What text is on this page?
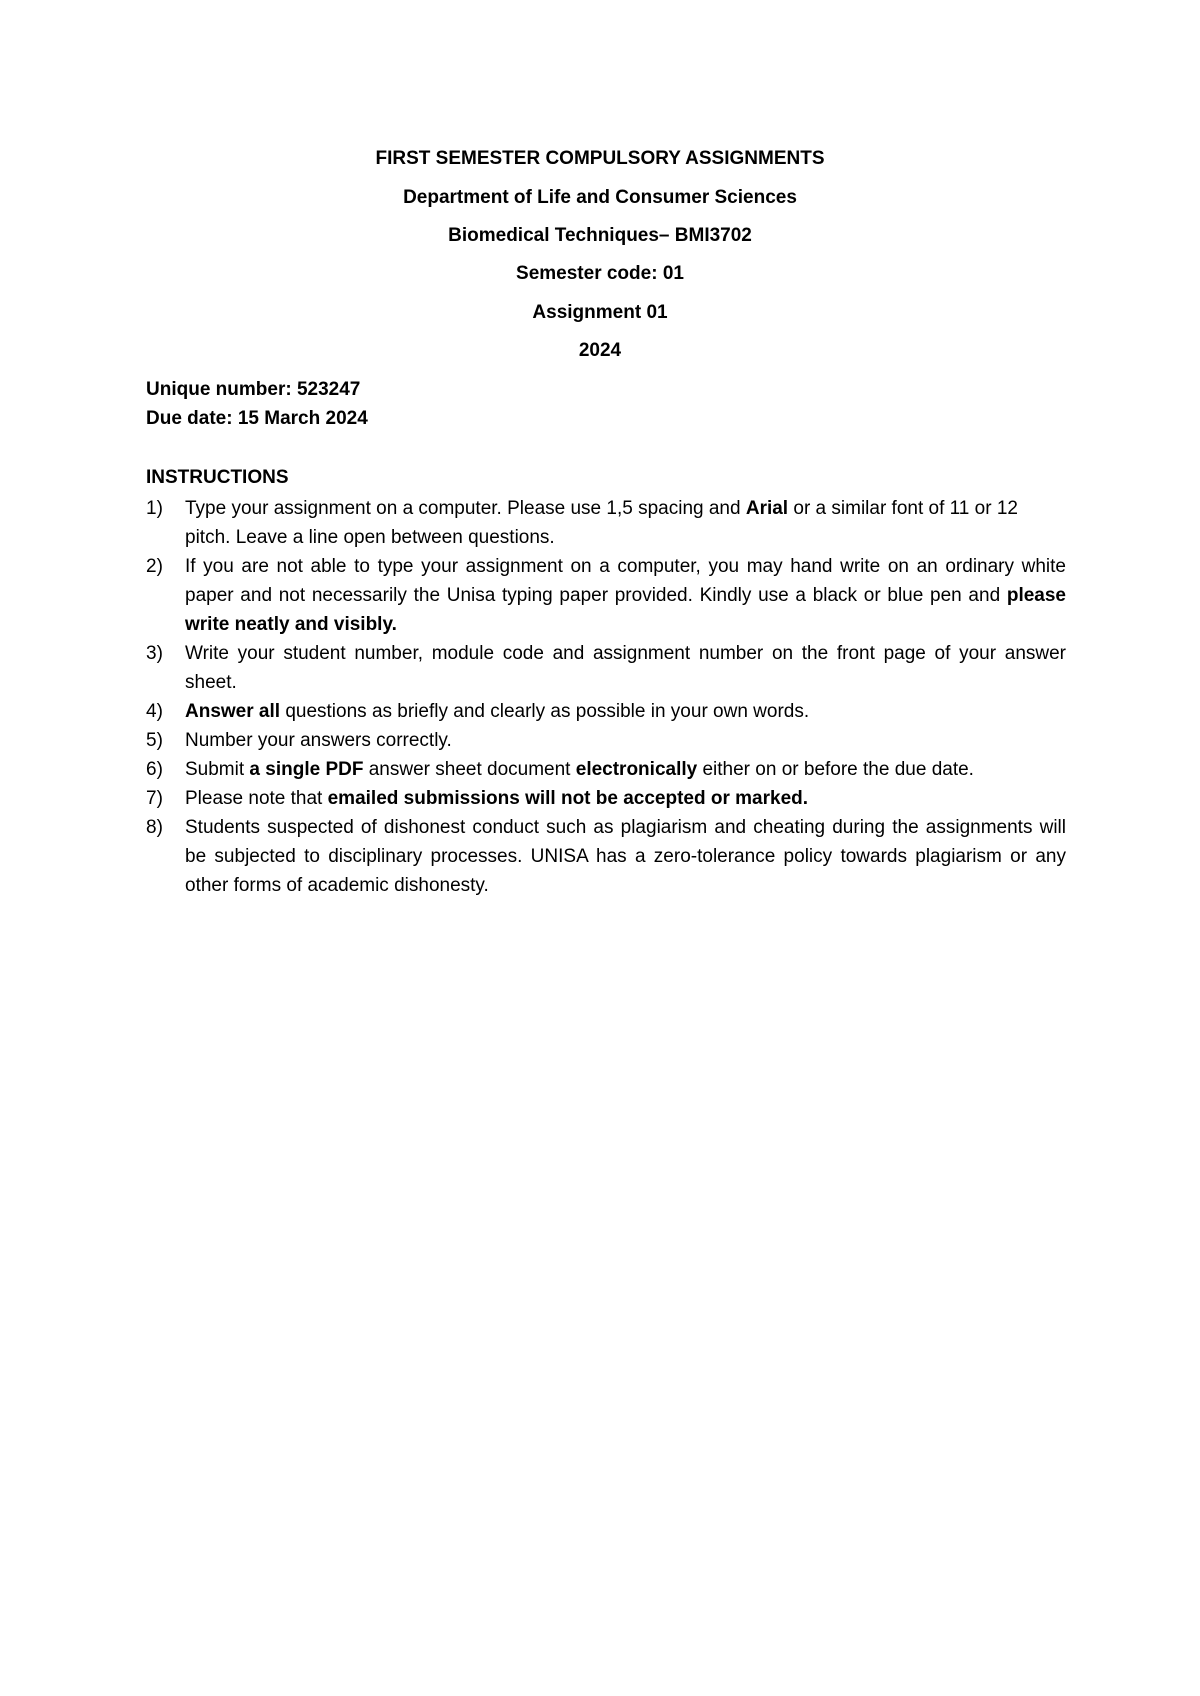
FIRST SEMESTER COMPULSORY ASSIGNMENTS
Department of Life and Consumer Sciences
Biomedical Techniques– BMI3702
Semester code: 01
Assignment 01
2024
Unique number: 523247
Due date: 15 March 2024
INSTRUCTIONS
1) Type your assignment on a computer. Please use 1,5 spacing and Arial or a similar font of 11 or 12 pitch. Leave a line open between questions.
2) If you are not able to type your assignment on a computer, you may hand write on an ordinary white paper and not necessarily the Unisa typing paper provided. Kindly use a black or blue pen and please write neatly and visibly.
3) Write your student number, module code and assignment number on the front page of your answer sheet.
4) Answer all questions as briefly and clearly as possible in your own words.
5) Number your answers correctly.
6) Submit a single PDF answer sheet document electronically either on or before the due date.
7) Please note that emailed submissions will not be accepted or marked.
8) Students suspected of dishonest conduct such as plagiarism and cheating during the assignments will be subjected to disciplinary processes. UNISA has a zero-tolerance policy towards plagiarism or any other forms of academic dishonesty.
